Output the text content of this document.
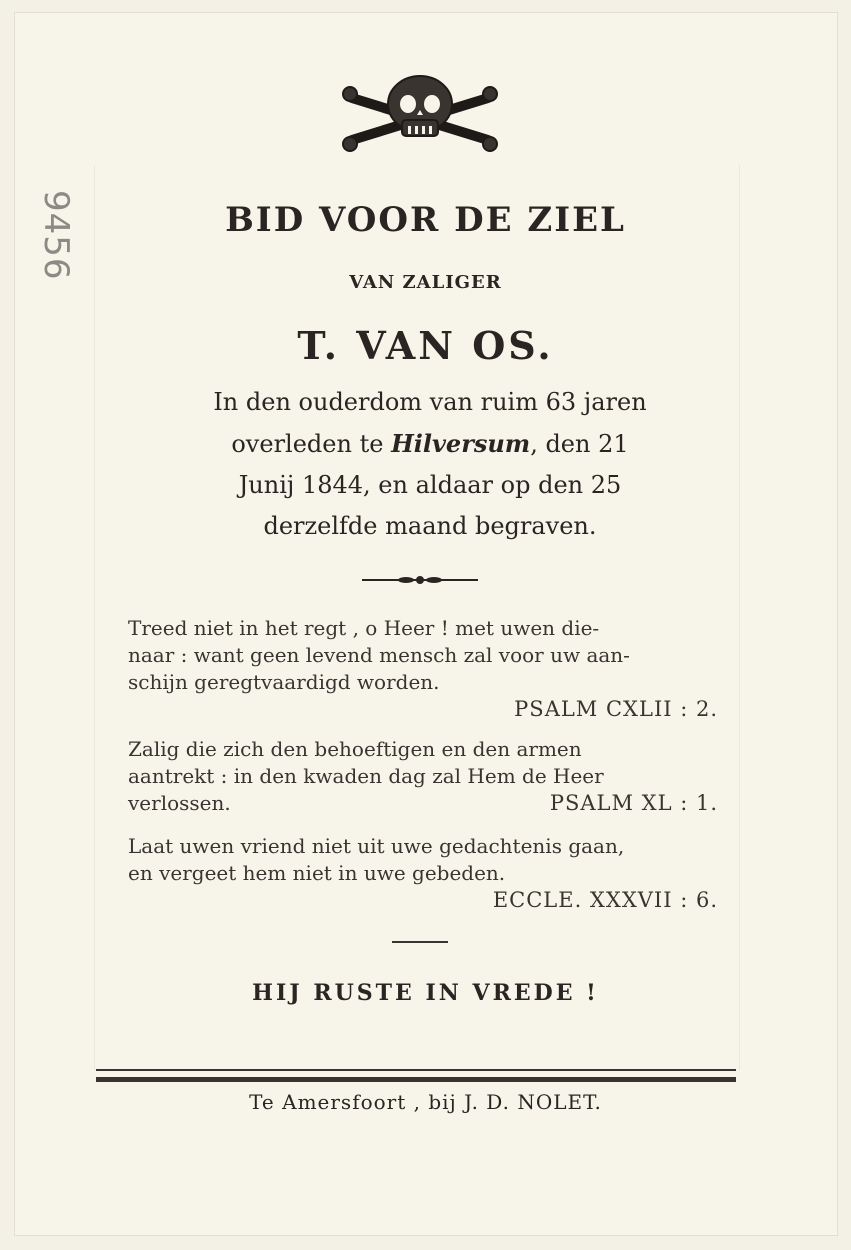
9456	BID VOOR DE ZIEL
VAN ZALIGER
T. VAN OS.
In den ouderdom van ruim 63 jaren
overleden te Hilversum, den 21
Junij 1844, en aldaar op den 25
derzelfde maand begraven.
Treed niet in het regt , o Heer ! met uwen die-
naar : want geen levend mensch zal voor uw aan-
schijn geregtvaardigd worden.
PSALM CXLII : 2.
Zalig die zich den behoeftigen en den armen
aantrekt : in den kwaden dag zal Hem de Heer
verlossen.	PSALM XL : 1.
Laat uwen vriend niet uit uwe gedachtenis gaan,
en vergeet hem niet in uwe gebeden.
ECCLE. XXXVII : 6.
HIJ RUSTE IN VREDE !
Te Amersfoort , bij J. D. NOLET.
